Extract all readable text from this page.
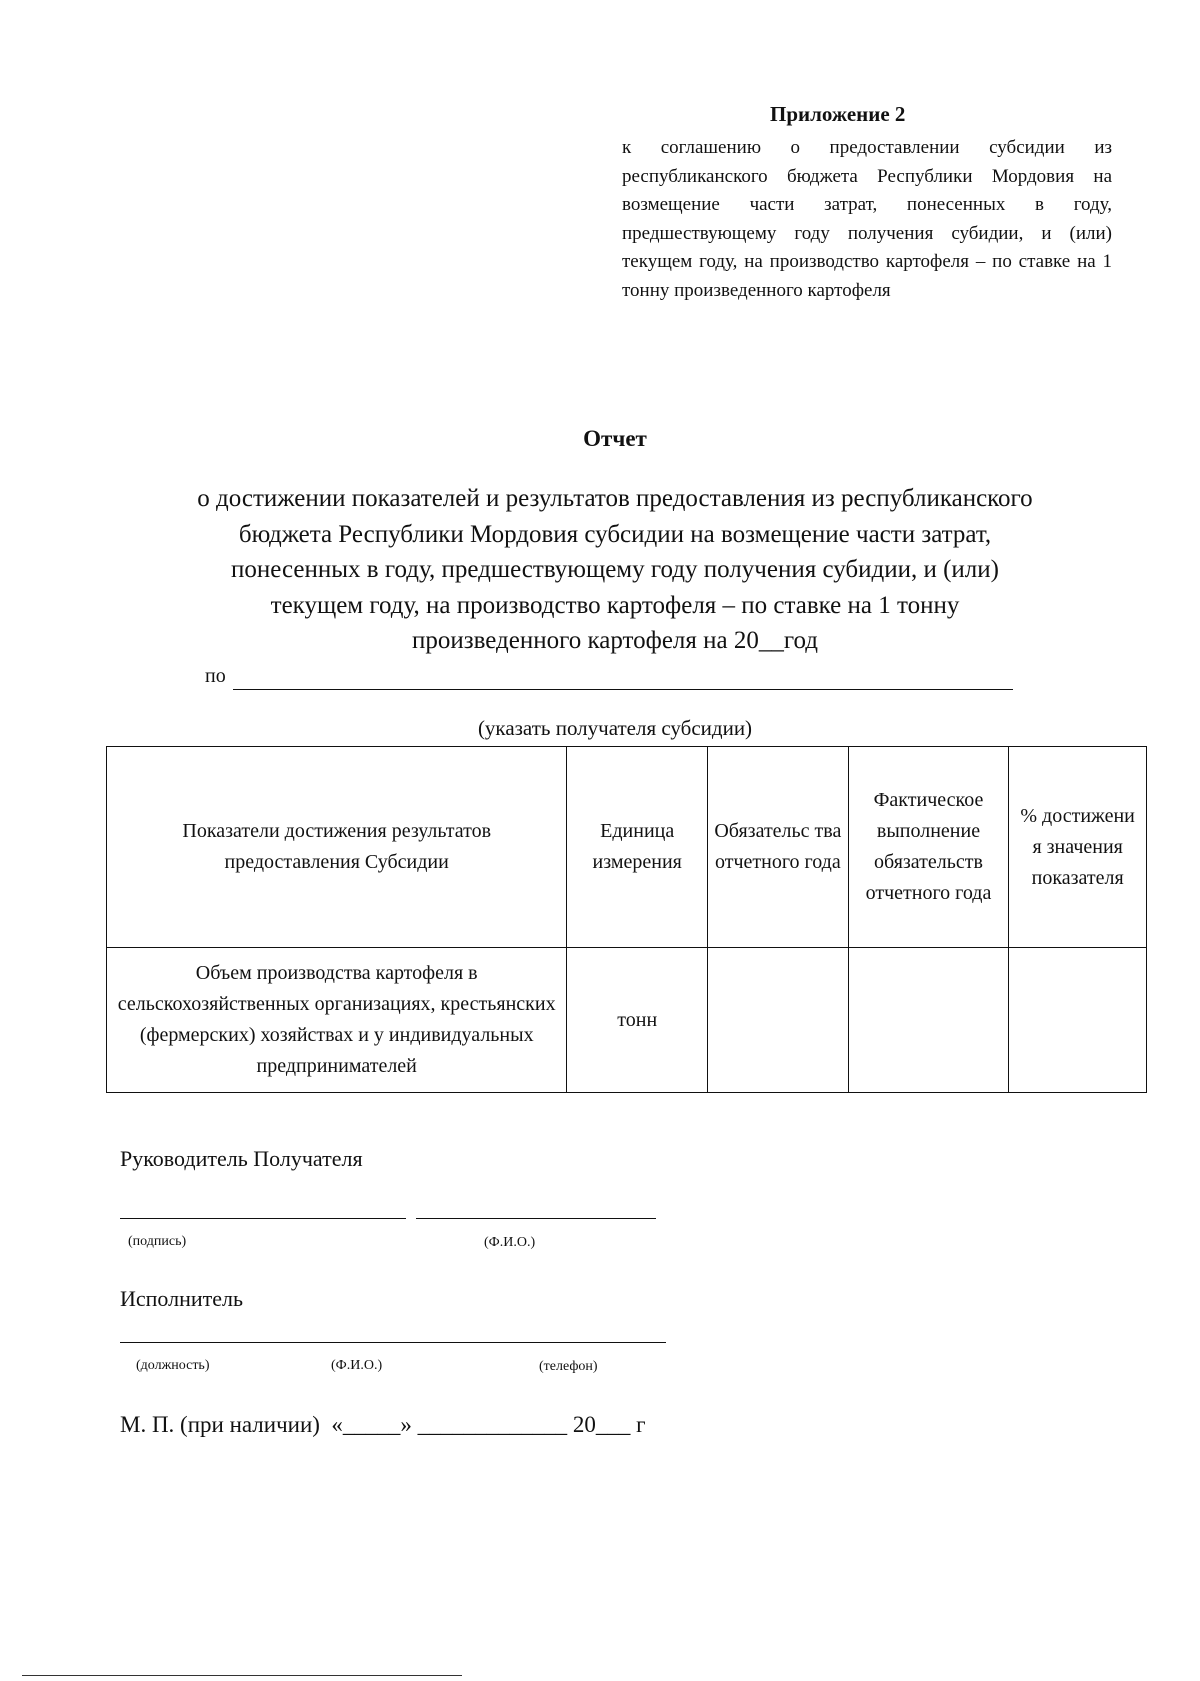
Приложение 2
к соглашению о предоставлении субсидии из республиканского бюджета Республики Мордовия на возмещение части затрат, понесенных в году, предшествующему году получения субидии, и (или) текущем году, на производство картофеля – по ставке на 1 тонну произведенного картофеля
Отчет
о достижении показателей и результатов предоставления из республиканского
бюджета Республики Мордовия субсидии на возмещение части затрат,
понесенных в году, предшествующему году получения субидии, и (или)
текущем году, на производство картофеля – по ставке на 1 тонну
произведенного картофеля на 20__год
по
(указать получателя субсидии)
Показатели достижения результатов предоставления Субсидии	Единица измерения	Обязательс тва отчетного года	Фактическое выполнение обязательств отчетного года	% достижени я значения показателя
Объем производства картофеля в сельскохозяйственных организациях, крестьянских (фермерских) хозяйствах и у индивидуальных предпринимателей	тонн			
Руководитель Получателя
(подпись)	(Ф.И.О.)
Исполнитель
(должность)	(Ф.И.О.)	(телефон)
М. П. (при наличии)  «_____» _____________ 20___ г
